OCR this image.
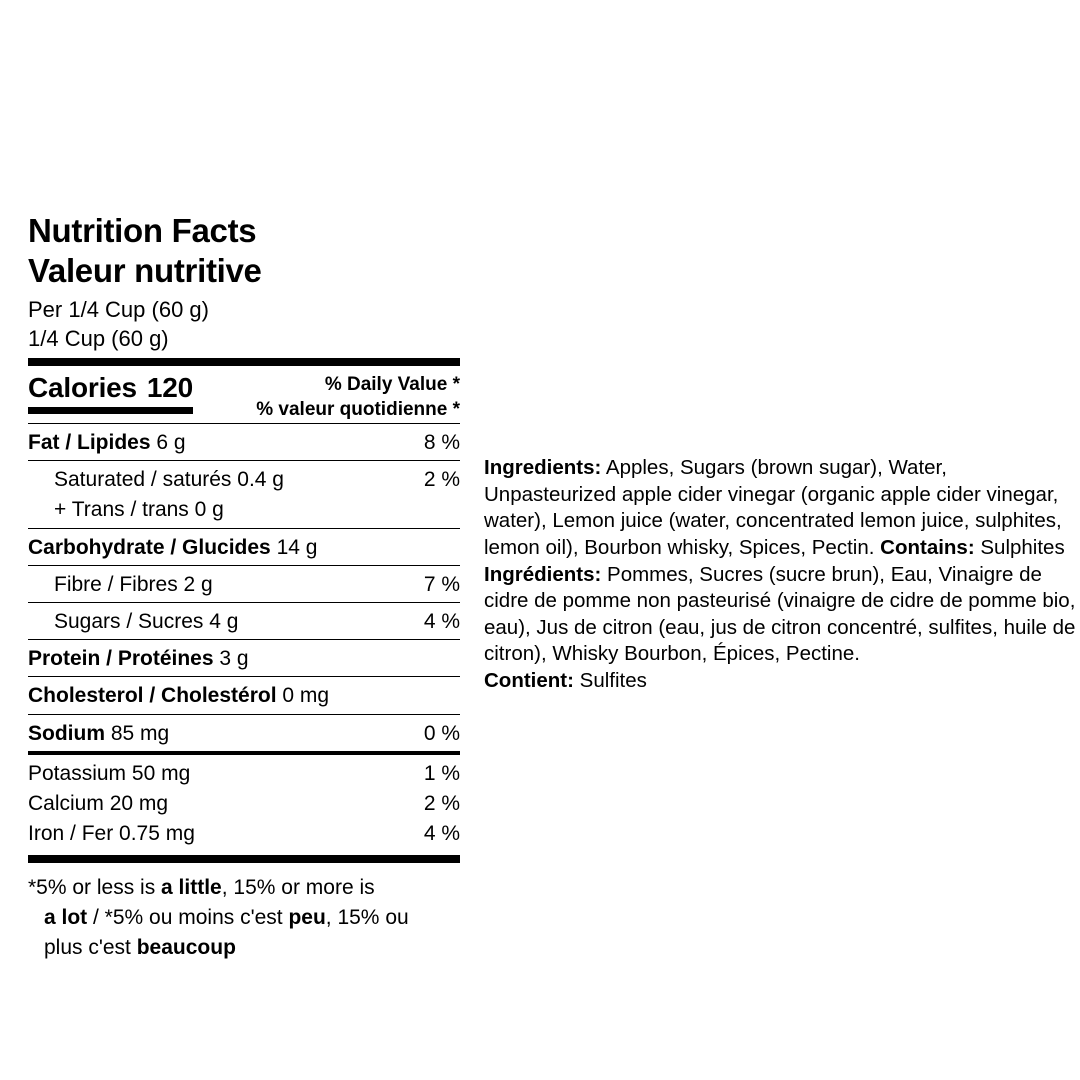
Nutrition Facts
Valeur nutritive
Per 1/4 Cup (60 g)
1/4 Cup (60 g)
Calories 120	% Daily Value *
% valeur quotidienne *
Fat / Lipides 6 g	8 %
Saturated / saturés 0.4 g	2 %
+ Trans / trans 0 g
Carbohydrate / Glucides 14 g
Fibre / Fibres 2 g	7 %
Sugars / Sucres 4 g	4 %
Protein / Protéines 3 g
Cholesterol / Cholestérol 0 mg
Sodium 85 mg	0 %
Potassium 50 mg	1 %
Calcium 20 mg	2 %
Iron / Fer 0.75 mg	4 %
*5% or less is a little, 15% or more is
a lot / *5% ou moins c'est peu, 15% ou
plus c'est beaucoup

Ingredients: Apples, Sugars (brown sugar), Water, Unpasteurized apple cider vinegar (organic apple cider vinegar, water), Lemon juice (water, concentrated lemon juice, sulphites, lemon oil), Bourbon whisky, Spices, Pectin. Contains: Sulphites

Ingrédients: Pommes, Sucres (sucre brun), Eau, Vinaigre de cidre de pomme non pasteurisé (vinaigre de cidre de pomme bio, eau), Jus de citron (eau, jus de citron concentré, sulfites, huile de citron), Whisky Bourbon, Épices, Pectine.

Contient: Sulfites
